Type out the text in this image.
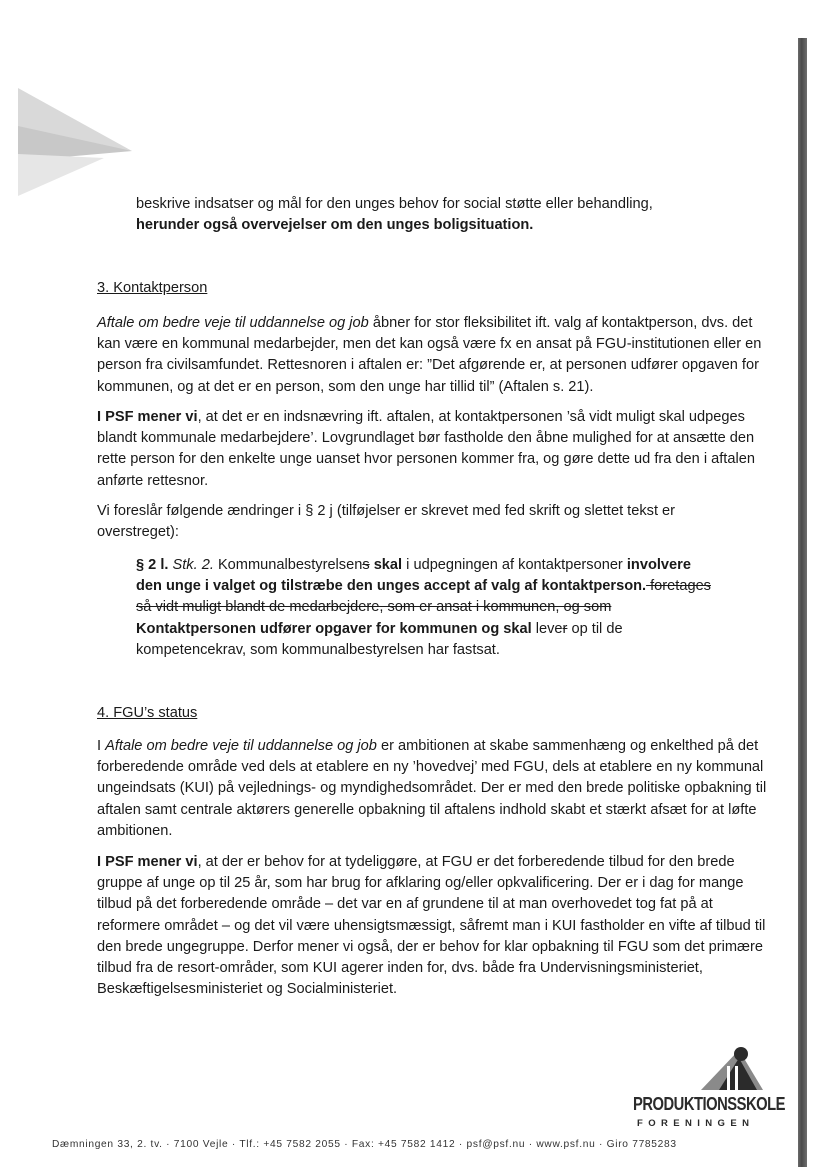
beskrive indsatser og mål for den unges behov for social støtte eller behandling,
herunder også overvejelser om den unges boligsituation.

3. Kontaktperson

Aftale om bedre veje til uddannelse og job åbner for stor fleksibilitet ift. valg af kontaktperson, dvs. det kan være en kommunal medarbejder, men det kan også være fx en ansat på FGU-institutionen eller en person fra civilsamfundet. Rettesnoren i aftalen er: ”Det afgørende er, at personen udfører opgaven for kommunen, og at det er en person, som den unge har tillid til” (Aftalen s. 21).

I PSF mener vi, at det er en indsnævring ift. aftalen, at kontaktpersonen ’så vidt muligt skal udpeges blandt kommunale medarbejdere’. Lovgrundlaget bør fastholde den åbne mulighed for at ansætte den rette person for den enkelte unge uanset hvor personen kommer fra, og gøre dette ud fra den i aftalen anførte rettesnor.

Vi foreslår følgende ændringer i § 2 j (tilføjelser er skrevet med fed skrift og slettet tekst er overstreget):

§ 2 l. Stk. 2. Kommunalbestyrelsens skal i udpegningen af kontaktpersoner involvere den unge i valget og tilstræbe den unges accept af valg af kontaktperson. foretages så vidt muligt blandt de medarbejdere, som er ansat i kommunen, og som Kontaktpersonen udfører opgaver for kommunen og skal lever op til de kompetencekrav, som kommunalbestyrelsen har fastsat.

4. FGU’s status

I Aftale om bedre veje til uddannelse og job er ambitionen at skabe sammenhæng og enkelthed på det forberedende område ved dels at etablere en ny ’hovedvej’ med FGU, dels at etablere en ny kommunal ungeindsats (KUI) på vejlednings- og myndighedsområdet. Der er med den brede politiske opbakning til aftalen samt centrale aktørers generelle opbakning til aftalens indhold skabt et stærkt afsæt for at løfte ambitionen.

I PSF mener vi, at der er behov for at tydeliggøre, at FGU er det forberedende tilbud for den brede gruppe af unge op til 25 år, som har brug for afklaring og/eller opkvalificering. Der er i dag for mange tilbud på det forberedende område – det var en af grundene til at man overhovedet tog fat på at reformere området – og det vil være uhensigtsmæssigt, såfremt man i KUI fastholder en vifte af tilbud til den brede ungegruppe. Derfor mener vi også, der er behov for klar opbakning til FGU som det primære tilbud fra de resort-områder, som KUI agerer inden for, dvs. både fra Undervisningsministeriet, Beskæftigelsesministeriet og Socialministeriet.

PRODUKTIONSSKOLE
FORENINGEN
Dæmningen 33, 2. tv. · 7100 Vejle · Tlf.: +45 7582 2055 · Fax: +45 7582 1412 · psf@psf.nu · www.psf.nu · Giro 7785283
